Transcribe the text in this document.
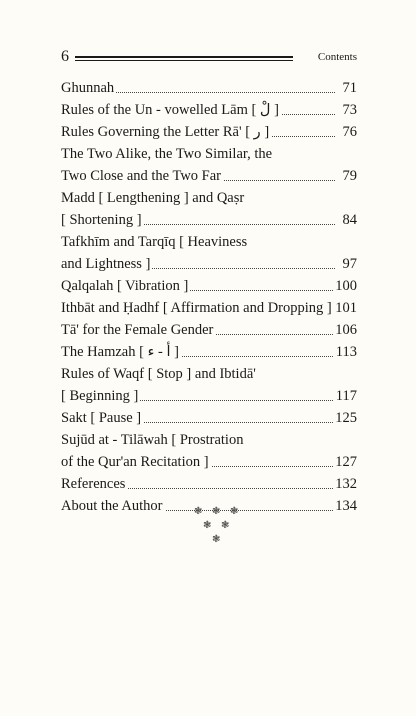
6	Contents
Ghunnah	71
Rules of the Un - vowelled Lām [ لْ ]	73
Rules Governing the Letter Rā' [ ر ]	76
The Two Alike, the Two Similar, the
Two Close and the Two Far	79
Madd [ Lengthening ] and Qaṣr
[ Shortening ]	84
Tafkhīm and Tarqīq [ Heaviness
and Lightness ]	97
Qalqalah [ Vibration ]	100
Ithbāt and Ḥadhf [ Affirmation and Dropping ] 101
Tā' for the Female Gender	106
The Hamzah [ أ - ء ]	113
Rules of Waqf [ Stop ] and Ibtidā'
[ Beginning ]	117
Sakt [ Pause ]	125
Sujūd at - Tilāwah [ Prostration
of the Qur'an Recitation ]	127
References	132
About the Author	134
❃ ❃ ❃
❃ ❃
❃
